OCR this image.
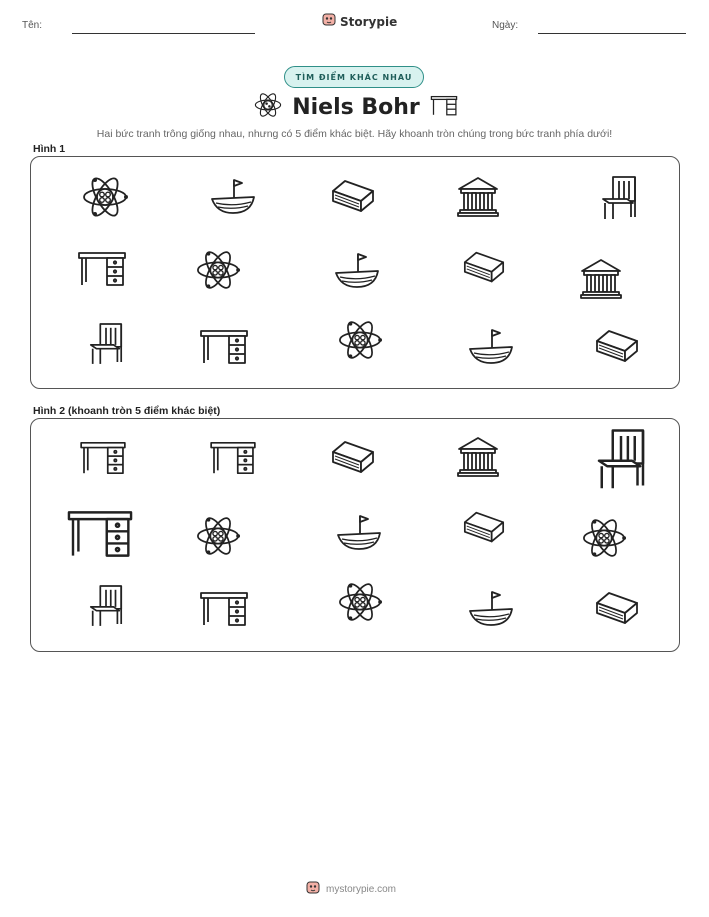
Tên:	Storypie	Ngày:
TÌM ĐIỂM KHÁC NHAU
Niels Bohr
Hai bức tranh trông giống nhau, nhưng có 5 điểm khác biệt. Hãy khoanh tròn chúng trong bức tranh phía dưới!
Hình 1
Hình 2 (khoanh tròn 5 điểm khác biệt)
mystorypie.com
